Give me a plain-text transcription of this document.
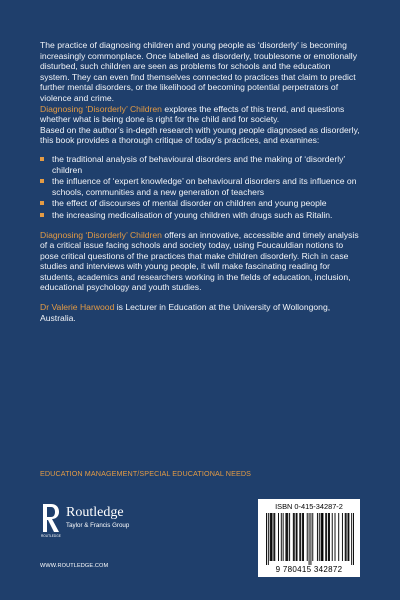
The practice of diagnosing children and young people as ‘disorderly’ is becoming increasingly commonplace. Once labelled as disorderly, troublesome or emotionally disturbed, such children are seen as problems for schools and the education system. They can even find themselves connected to practices that claim to predict further mental disorders, or the likelihood of becoming potential perpetrators of violence and crime.

Diagnosing ‘Disorderly’ Children explores the effects of this trend, and questions whether what is being done is right for the child and for society.

Based on the author’s in-depth research with young people diagnosed as disorderly, this book provides a thorough critique of today’s practices, and examines:

the traditional analysis of behavioural disorders and the making of ‘disorderly’ children
the influence of ‘expert knowledge’ on behavioural disorders and its influence on schools, communities and a new generation of teachers
the effect of discourses of mental disorder on children and young people
the increasing medicalisation of young children with drugs such as Ritalin.

Diagnosing ‘Disorderly’ Children offers an innovative, accessible and timely analysis of a critical issue facing schools and society today, using Foucauldian notions to pose critical questions of the practices that make children disorderly. Rich in case studies and interviews with young people, it will make fascinating reading for students, academics and researchers working in the fields of education, inclusion, educational psychology and youth studies.

Dr Valerie Harwood is Lecturer in Education at the University of Wollongong, Australia.

EDUCATION MANAGEMENT/SPECIAL EDUCATIONAL NEEDS
ROUTLEDGE
Routledge
Taylor & Francis Group
WWW.ROUTLEDGE.COM
ISBN 0-415-34287-2
9 780415 342872
